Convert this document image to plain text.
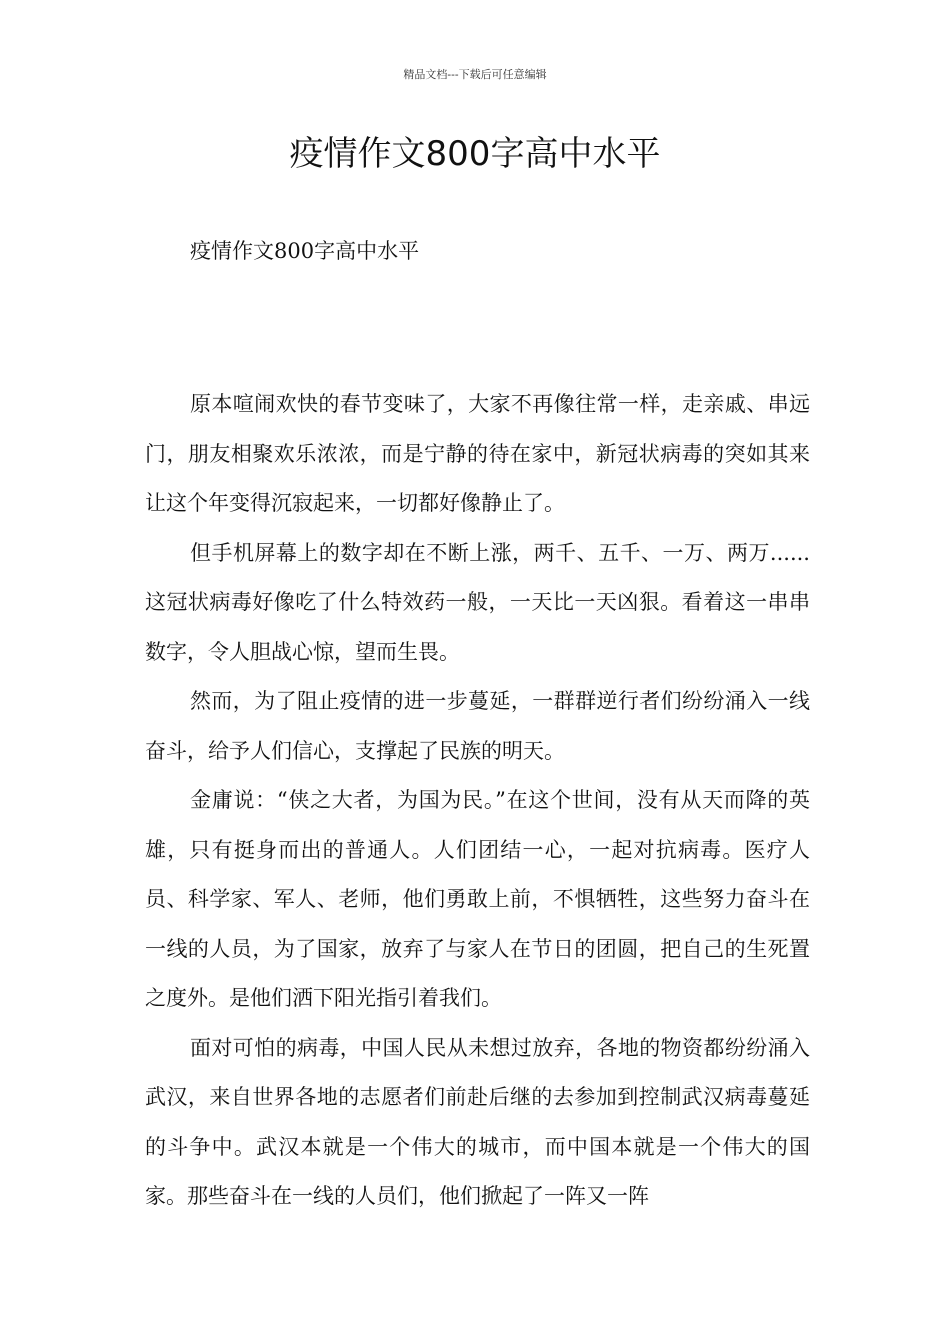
精品文档---下载后可任意编辑
疫情作文800字高中水平

疫情作文800字高中水平

原本喧闹欢快的春节变味了，大家不再像往常一样，走亲戚、串远门，朋友相聚欢乐浓浓，而是宁静的待在家中，新冠状病毒的突如其来让这个年变得沉寂起来，一切都好像静止了。

但手机屏幕上的数字却在不断上涨，两千、五千、一万、两万......这冠状病毒好像吃了什么特效药一般，一天比一天凶狠。看着这一串串数字，令人胆战心惊，望而生畏。

然而，为了阻止疫情的进一步蔓延，一群群逆行者们纷纷涌入一线奋斗，给予人们信心，支撑起了民族的明天。

金庸说：“侠之大者，为国为民。”在这个世间，没有从天而降的英雄，只有挺身而出的普通人。人们团结一心，一起对抗病毒。医疗人员、科学家、军人、老师，他们勇敢上前，不惧牺牲，这些努力奋斗在一线的人员，为了国家，放弃了与家人在节日的团圆，把自己的生死置之度外。是他们洒下阳光指引着我们。

面对可怕的病毒，中国人民从未想过放弃，各地的物资都纷纷涌入武汉，来自世界各地的志愿者们前赴后继的去参加到控制武汉病毒蔓延的斗争中。武汉本就是一个伟大的城市，而中国本就是一个伟大的国家。那些奋斗在一线的人员们，他们掀起了一阵又一阵
